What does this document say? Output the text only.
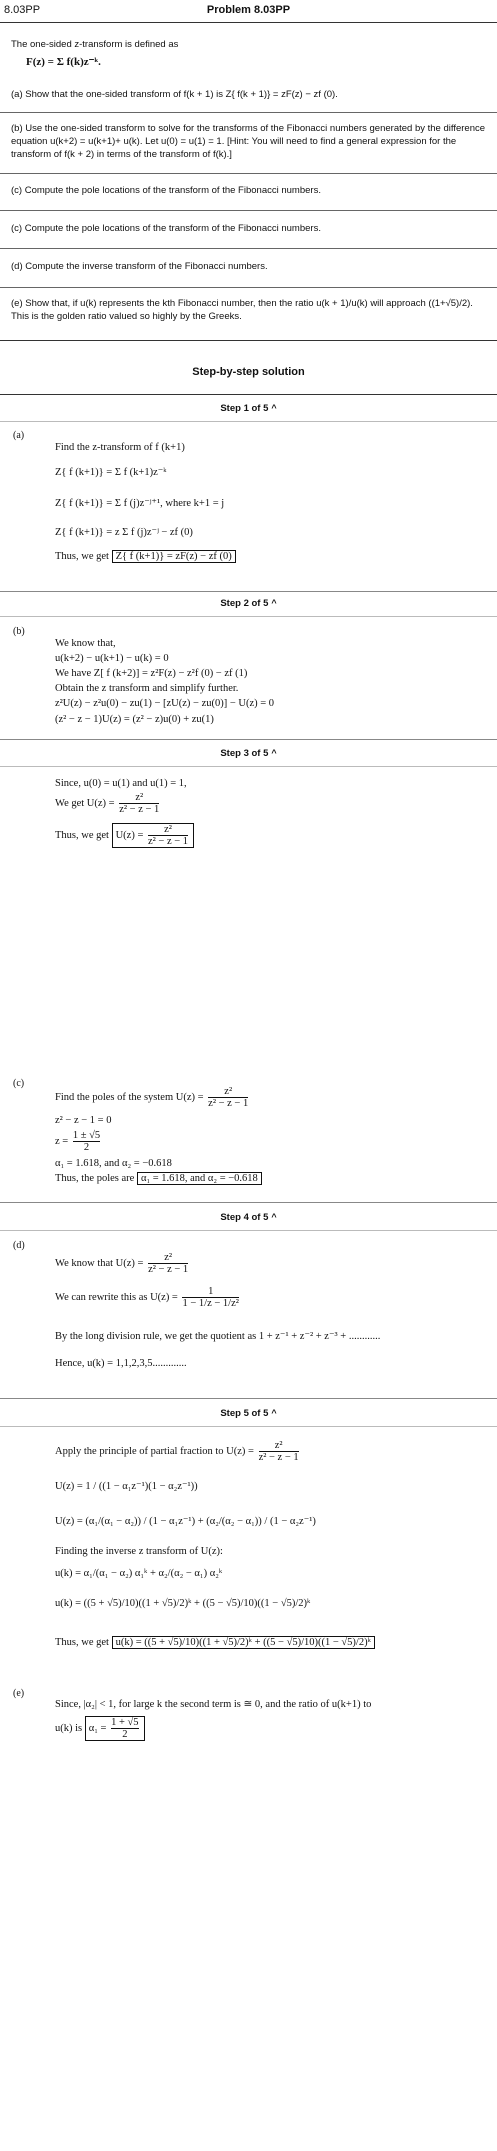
8.03PP	Problem 8.03PP
The one-sided z-transform is defined as
F(z) = Σ f(k)z⁻ᵏ.
(a) Show that the one-sided transform of f(k + 1) is Z{ f(k + 1)} = zF(z) − zf (0).
(b) Use the one-sided transform to solve for the transforms of the Fibonacci numbers generated by the difference equation u(k+2) = u(k+1)+ u(k). Let u(0) = u(1) = 1. [Hint: You will need to find a general expression for the transform of f(k + 2) in terms of the transform of f(k).]
(c) Compute the pole locations of the transform of the Fibonacci numbers.
(c) Compute the pole locations of the transform of the Fibonacci numbers.
(d) Compute the inverse transform of the Fibonacci numbers.
(e) Show that, if u(k) represents the kth Fibonacci number, then the ratio u(k + 1)/u(k) will approach ((1+√5)/2). This is the golden ratio valued so highly by the Greeks.
Step-by-step solution
Step 1 of 5 ^
(a)
Find the z-transform of f (k+1)
Z{ f (k+1)} = Σ f (k+1)z⁻ᵏ
Z{ f (k+1)} = Σ f (j)z⁻ʲ⁺¹, where k+1 = j
Z{ f (k+1)} = z Σ f (j)z⁻ʲ − zf (0)
Thus, we get Z{ f (k+1)} = zF(z) − zf (0)
Step 2 of 5 ^
(b)
We know that,
u(k+2) − u(k+1) − u(k) = 0
We have Z[ f (k+2)] = z²F(z) − z²f (0) − zf (1)
Obtain the z transform and simplify further.
z²U(z) − z²u(0) − zu(1) − [zU(z) − zu(0)] − U(z) = 0
(z² − z − 1)U(z) = (z² − z)u(0) + zu(1)
Step 3 of 5 ^
Since, u(0) = u(1) and u(1) = 1,
We get $U(z) = \frac{\text{z²}}{\text{z² − z − 1}}$
Thus, we get $U(z) = \frac{\text{z²}}{\text{z² − z − 1}}$
(c)
Find the poles of the system $U(z) = \frac{\text{z²}}{\text{z² − z − 1}}$
z² − z − 1 = 0
$z = \frac{1 \pm √5}{2}$
α₁ = 1.618, and α₂ = −0.618
Thus, the poles are α₁ = 1.618, and α₂ = −0.618
Step 4 of 5 ^
(d)
We know that $U(z) = \frac{\text{z²}}{\text{z² − z − 1}}$
We can rewrite this as $U(z) = \frac{1}{\text{1 − 1/z − 1/z²}}$
By the long division rule, we get the quotient as 1 + z⁻¹ + z⁻² + z⁻³ + ............
Hence, u(k) = 1,1,2,3,5.............
Step 5 of 5 ^
Apply the principle of partial fraction to $U(z) = \frac{\text{z²}}{\text{z² − z − 1}}$
U(z) = 1 / ((1 − α₁z⁻¹)(1 − α₂z⁻¹))
U(z) = (α₁/(α₁ − α₂)) / (1 − α₁z⁻¹) + (α₂/(α₂ − α₁)) / (1 − α₂z⁻¹)
Finding the inverse z transform of U(z):
u(k) = α₁/(α₁ − α₂) α₁ᵏ + α₂/(α₂ − α₁) α₂ᵏ
u(k) = ((5 + √5)/10)((1 + √5)/2)ᵏ + ((5 − √5)/10)((1 − √5)/2)ᵏ
Thus, we get u(k) = ((5 + √5)/10)((1 + √5)/2)ᵏ + ((5 − √5)/10)((1 − √5)/2)ᵏ
(e)
Since, |α₂| < 1, for large k the second term is ≅ 0, and the ratio of u(k+1) to
u(k) is $\alpha_1 = \frac{1 + √5}{2}$
